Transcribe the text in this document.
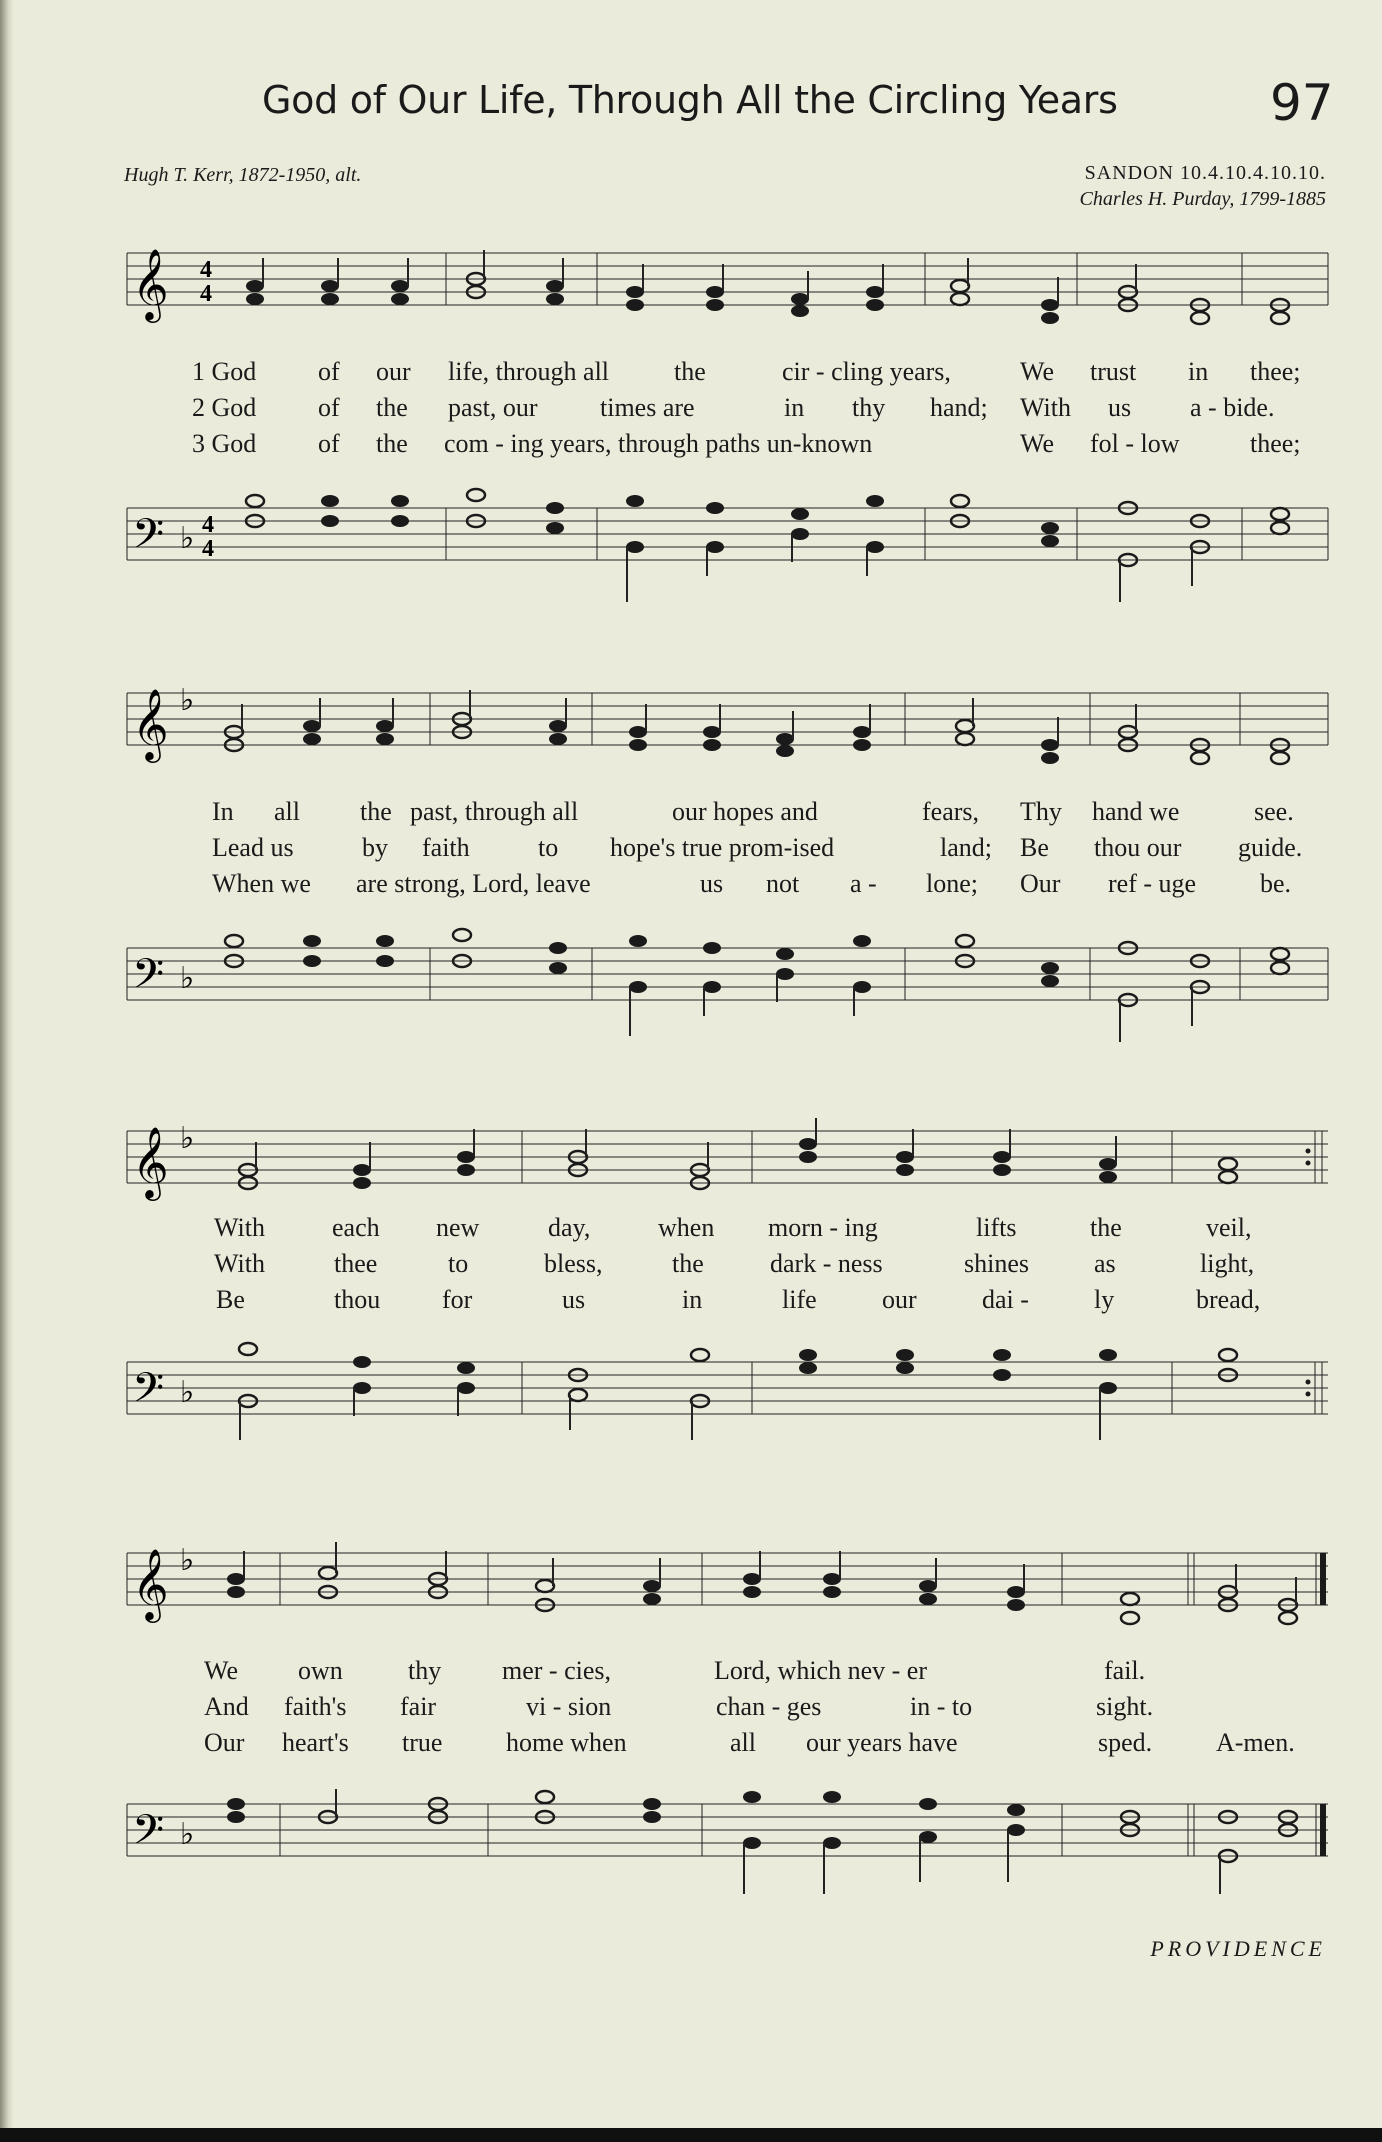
God of Our Life, Through All the Circling Years	97
Hugh T. Kerr, 1872-1950, alt.	SANDON 10.4.10.4.10.10.
Charles H. Purday, 1799-1885
𝄞 4
4
1 God of our life, through all the	cir - cling years,	We trust in thee;
2 God of the past, our times are	in thy hand; With us a - bide.
3 God of the com - ing years, through paths un-known	We fol - low	thee;
𝄢 ♭ 4
4
𝄞 ♭
In all the past, through all	our hopes and	fears, Thy hand we	see.
Lead us	by faith	to hope's true prom-ised	land; Be thou our guide.
When we are strong, Lord, leave	us not a - lone; Our ref - uge be.
𝄢 ♭
𝄞 ♭
With	each new	day,	when morn - ing	lifts	the	veil,
With	thee	to	bless,	the	dark - ness	shines	as	light,
Be	thou for	us	in	life	our	dai -	ly	bread,
𝄢 ♭
𝄞 ♭
We own	thy mer - cies,	Lord, which nev - er	fail.
And faith's fair	vi - sion	chan - ges	in - to	sight.
Our heart's true home when	all our years have	sped. A-men.
𝄢 ♭
PROVIDENCE
